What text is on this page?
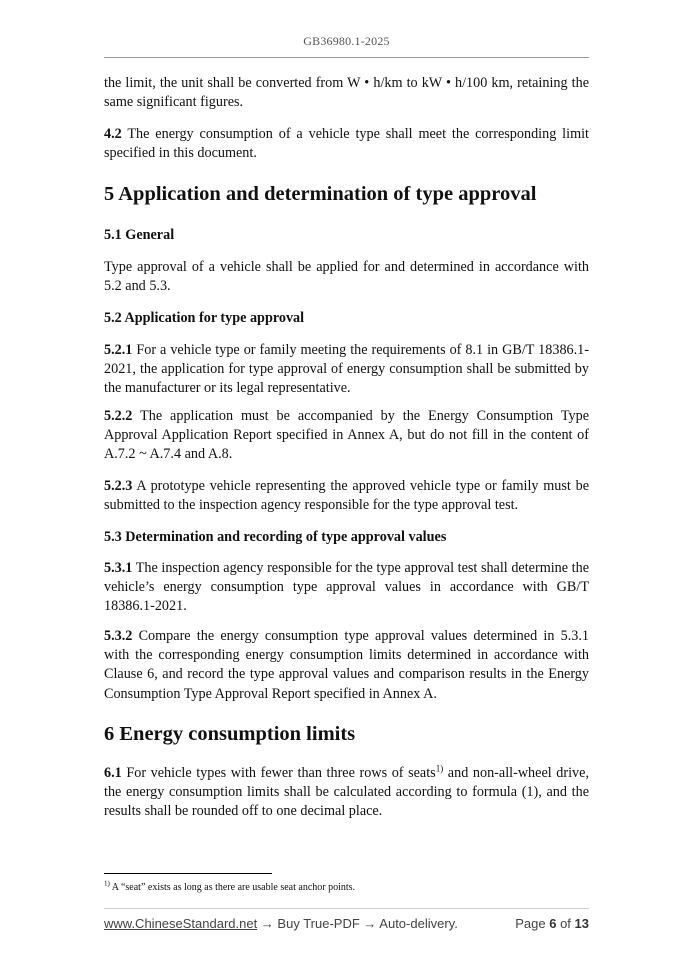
GB36980.1-2025

the limit, the unit shall be converted from W • h/km to kW • h/100 km, retaining the same significant figures.

4.2 The energy consumption of a vehicle type shall meet the corresponding limit specified in this document.

5 Application and determination of type approval
5.1 General

Type approval of a vehicle shall be applied for and determined in accordance with 5.2 and 5.3.

5.2 Application for type approval

5.2.1 For a vehicle type or family meeting the requirements of 8.1 in GB/T 18386.1-2021, the application for type approval of energy consumption shall be submitted by the manufacturer or its legal representative.

5.2.2 The application must be accompanied by the Energy Consumption Type Approval Application Report specified in Annex A, but do not fill in the content of A.7.2 ~ A.7.4 and A.8.

5.2.3 A prototype vehicle representing the approved vehicle type or family must be submitted to the inspection agency responsible for the type approval test.

5.3 Determination and recording of type approval values

5.3.1 The inspection agency responsible for the type approval test shall determine the vehicle’s energy consumption type approval values in accordance with GB/T 18386.1-2021.

5.3.2 Compare the energy consumption type approval values determined in 5.3.1 with the corresponding energy consumption limits determined in accordance with Clause 6, and record the type approval values and comparison results in the Energy Consumption Type Approval Report specified in Annex A.

6 Energy consumption limits

6.1 For vehicle types with fewer than three rows of seats$^{1)}$ and non-all-wheel drive, the energy consumption limits shall be calculated according to formula (1), and the results shall be rounded off to one decimal place.

$^{1)}$ A “seat” exists as long as there are usable seat anchor points.
www.ChineseStandard.net → Buy True-PDF → Auto-delivery.	Page 6 of 13
